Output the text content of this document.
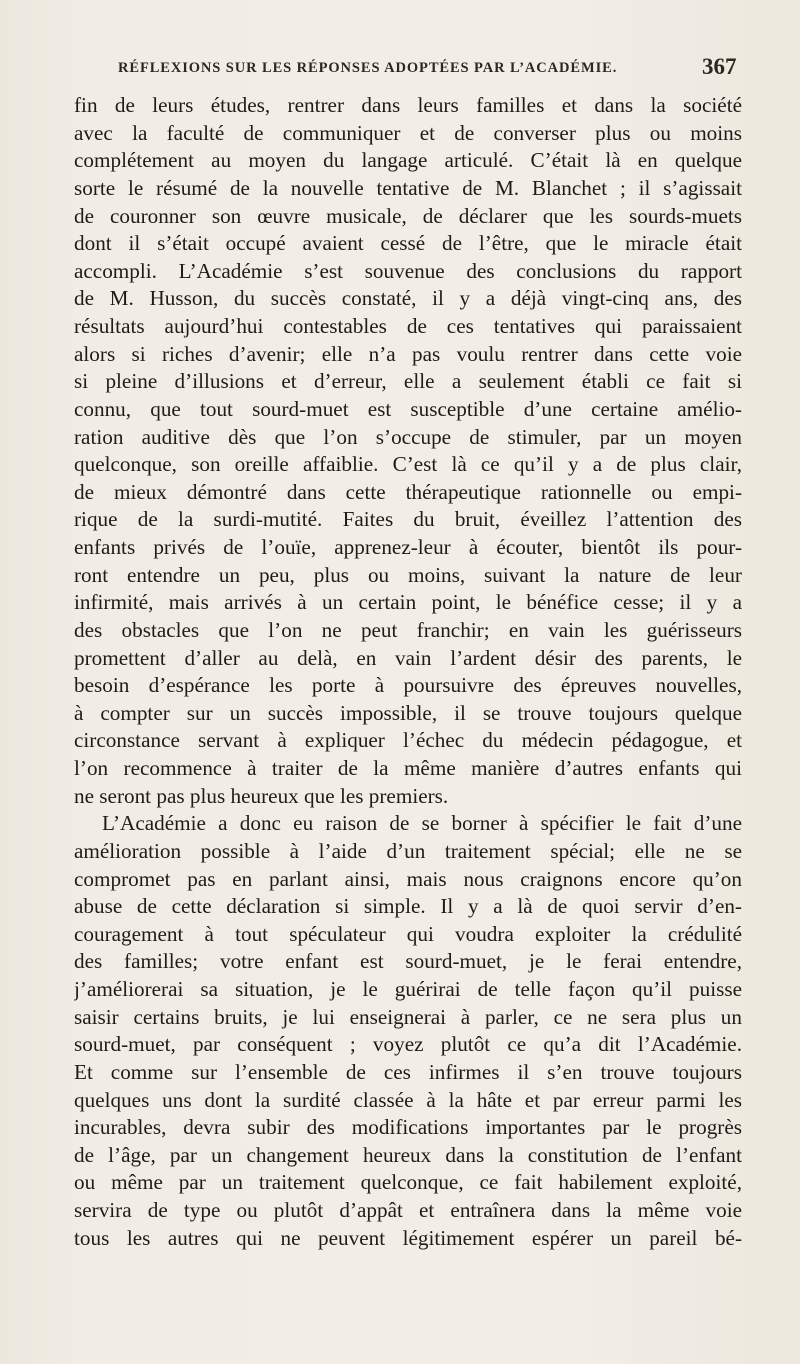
RÉFLEXIONS SUR LES RÉPONSES ADOPTÉES PAR L’ACADÉMIE.	367
fin de leurs études, rentrer dans leurs familles et dans la société
avec la faculté de communiquer et de converser plus ou moins
complétement au moyen du langage articulé. C’était là en quelque
sorte le résumé de la nouvelle tentative de M. Blanchet ; il s’agissait
de couronner son œuvre musicale, de déclarer que les sourds-muets
dont il s’était occupé avaient cessé de l’être, que le miracle était
accompli. L’Académie s’est souvenue des conclusions du rapport
de M. Husson, du succès constaté, il y a déjà vingt-cinq ans, des
résultats aujourd’hui contestables de ces tentatives qui paraissaient
alors si riches d’avenir; elle n’a pas voulu rentrer dans cette voie
si pleine d’illusions et d’erreur, elle a seulement établi ce fait si
connu, que tout sourd-muet est susceptible d’une certaine amélio-
ration auditive dès que l’on s’occupe de stimuler, par un moyen
quelconque, son oreille affaiblie. C’est là ce qu’il y a de plus clair,
de mieux démontré dans cette thérapeutique rationnelle ou empi-
rique de la surdi-mutité. Faites du bruit, éveillez l’attention des
enfants privés de l’ouïe, apprenez-leur à écouter, bientôt ils pour-
ront entendre un peu, plus ou moins, suivant la nature de leur
infirmité, mais arrivés à un certain point, le bénéfice cesse; il y a
des obstacles que l’on ne peut franchir; en vain les guérisseurs
promettent d’aller au delà, en vain l’ardent désir des parents, le
besoin d’espérance les porte à poursuivre des épreuves nouvelles,
à compter sur un succès impossible, il se trouve toujours quelque
circonstance servant à expliquer l’échec du médecin pédagogue, et
l’on recommence à traiter de la même manière d’autres enfants qui
ne seront pas plus heureux que les premiers.
L’Académie a donc eu raison de se borner à spécifier le fait d’une
amélioration possible à l’aide d’un traitement spécial; elle ne se
compromet pas en parlant ainsi, mais nous craignons encore qu’on
abuse de cette déclaration si simple. Il y a là de quoi servir d’en-
couragement à tout spéculateur qui voudra exploiter la crédulité
des familles; votre enfant est sourd-muet, je le ferai entendre,
j’améliorerai sa situation, je le guérirai de telle façon qu’il puisse
saisir certains bruits, je lui enseignerai à parler, ce ne sera plus un
sourd-muet, par conséquent ; voyez plutôt ce qu’a dit l’Académie.
Et comme sur l’ensemble de ces infirmes il s’en trouve toujours
quelques uns dont la surdité classée à la hâte et par erreur parmi les
incurables, devra subir des modifications importantes par le progrès
de l’âge, par un changement heureux dans la constitution de l’enfant
ou même par un traitement quelconque, ce fait habilement exploité,
servira de type ou plutôt d’appât et entraînera dans la même voie
tous les autres qui ne peuvent légitimement espérer un pareil bé-
